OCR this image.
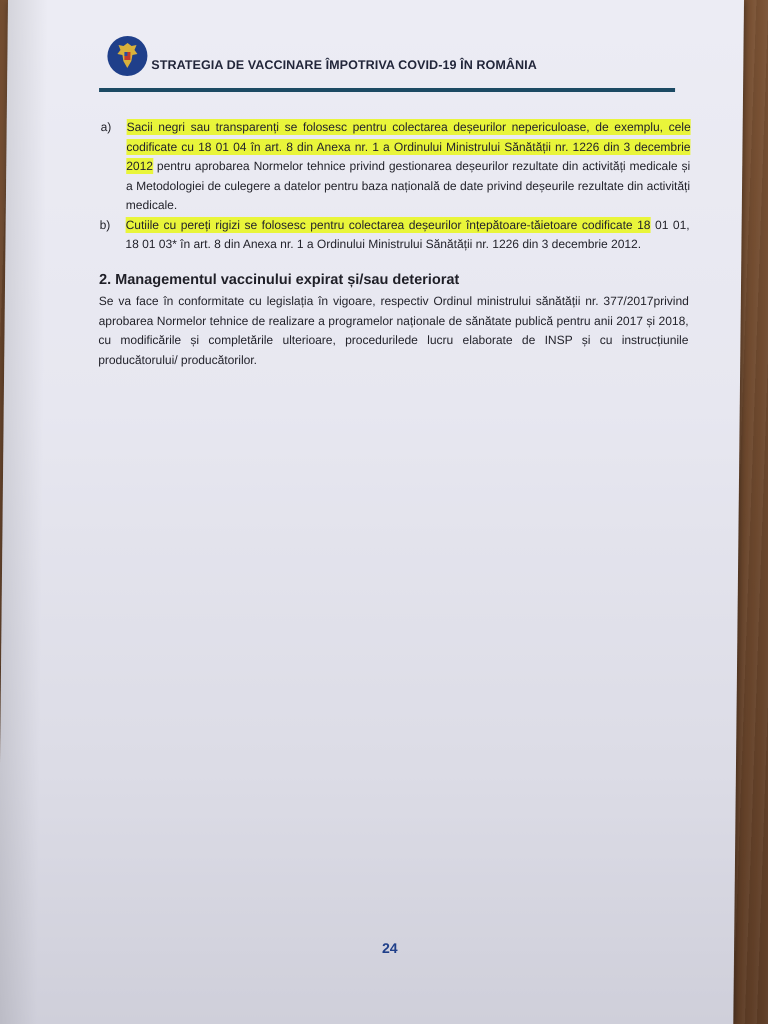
STRATEGIA DE VACCINARE ÎMPOTRIVA COVID-19 ÎN ROMÂNIA
a)	Sacii negri sau transparenți se folosesc pentru colectarea deșeurilor nepericuloase, de exemplu, cele codificate cu 18 01 04 în art. 8 din Anexa nr. 1 a Ordinului Ministrului Sănătății nr. 1226 din 3 decembrie 2012 pentru aprobarea Normelor tehnice privind gestionarea deșeurilor rezultate din activități medicale și a Metodologiei de culegere a datelor pentru baza națională de date privind deșeurile rezultate din activități medicale.
b)	Cutiile cu pereți rigizi se folosesc pentru colectarea deșeurilor înțepătoare-tăietoare codificate 18 01 01, 18 01 03* în art. 8 din Anexa nr. 1 a Ordinului Ministrului Sănătății nr. 1226 din 3 decembrie 2012.
2. Managementul vaccinului expirat și/sau deteriorat
Se va face în conformitate cu legislația în vigoare, respectiv Ordinul ministrului sănătății nr. 377/2017privind aprobarea Normelor tehnice de realizare a programelor naționale de sănătate publică pentru anii 2017 și 2018, cu modificările și completările ulterioare, procedurilede lucru elaborate de INSP și cu instrucțiunile producătorului/ producătorilor.
24
